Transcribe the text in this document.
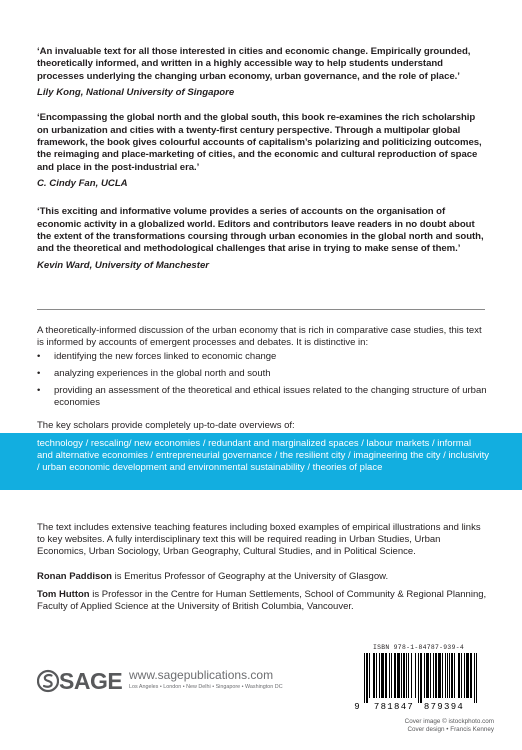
‘An invaluable text for all those interested in cities and economic change. Empirically grounded, theoretically informed, and written in a highly accessible way to help students understand processes underlying the changing urban economy, urban governance, and the role of place.’

Lily Kong, National University of Singapore

‘Encompassing the global north and the global south, this book re-examines the rich scholarship on urbanization and cities with a twenty-first century perspective. Through a multipolar global framework, the book gives colourful accounts of capitalism’s polarizing and politicizing outcomes, the reimaging and place-marketing of cities, and the economic and cultural reproduction of space and place in the post-industrial era.’

C. Cindy Fan, UCLA

‘This exciting and informative volume provides a series of accounts on the organisation of economic activity in a globalized world. Editors and contributors leave readers in no doubt about the extent of the transformations coursing through urban economies in the global north and south, and the theoretical and methodological challenges that arise in trying to make sense of them.’

Kevin Ward, University of Manchester

A theoretically-informed discussion of the urban economy that is rich in comparative case studies, this text is informed by accounts of emergent processes and debates. It is distinctive in:

• identifying the new forces linked to economic change
• analyzing experiences in the global north and south
• providing an assessment of the theoretical and ethical issues related to the changing structure of urban economies

The key scholars provide completely up-to-date overviews of:

technology / rescaling/ new economies / redundant and marginalized spaces / labour markets / informal and alternative economies / entrepreneurial governance / the resilient city / imagineering the city / inclusivity / urban economic development and environmental sustainability / theories of place

The text includes extensive teaching features including boxed examples of empirical illustrations and links to key websites. A fully interdisciplinary text this will be required reading in Urban Studies, Urban Economics, Urban Sociology, Urban Geography, Cultural Studies, and in Political Science.

Ronan Paddison is Emeritus Professor of Geography at the University of Glasgow.

Tom Hutton is Professor in the Centre for Human Settlements, School of Community & Regional Planning, Faculty of Applied Science at the University of British Columbia, Vancouver.

SAGE www.sagepublications.com
Los Angeles • London • New Delhi • Singapore • Washington DC
ISBN 978-1-84787-939-4
9 781847 879394

Cover image © istockphoto.com

Cover design • Francis Kenney
